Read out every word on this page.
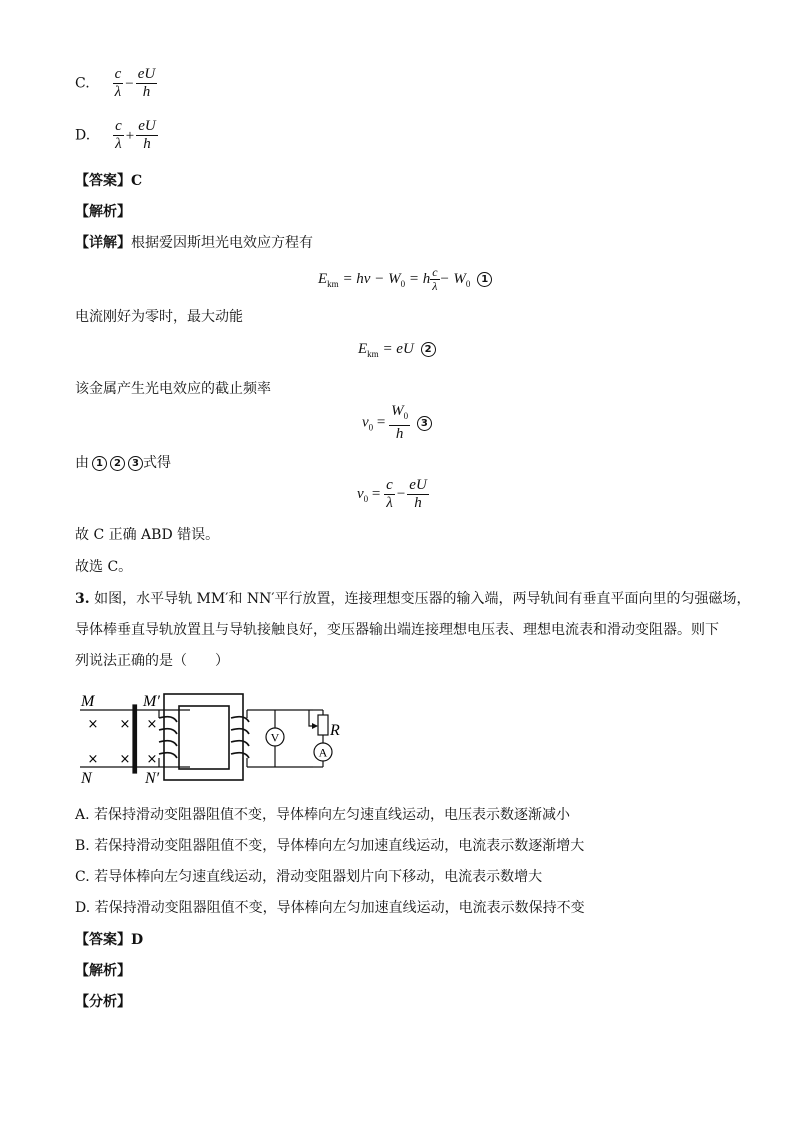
C. $\frac{c}{\lambda} - \frac{eU}{h}$
D. $\frac{c}{\lambda} + \frac{eU}{h}$
【答案】C
【解析】
【详解】根据爱因斯坦光电效应方程有
$E_{km} = h\nu - W_0 = h \frac{c}{\lambda} - W_0$ 1
电流刚好为零时，最大动能
$E_{km}$ = eU 2
该金属产生光电效应的截止频率
$\nu_0 = \frac{W_0}{h} 3$
由 1 2 3 式得
$\nu_0 = \frac{c}{\lambda} - \frac{eU}{h}$
故 C 正确 ABD 错误。
故选 C。
3. 如图，水平导轨 MM′和 NN′平行放置，连接理想变压器的输入端，两导轨间有垂直平面向里的匀强磁场，
导体棒垂直导轨放置且与导轨接触良好，变压器输出端连接理想电压表、理想电流表和滑动变阻器。则下
列说法正确的是（　　）
V
A
R
M	M′
N	N′
× × ×
× × ×
A. 若保持滑动变阻器阻值不变，导体棒向左匀速直线运动，电压表示数逐渐减小
B. 若保持滑动变阻器阻值不变，导体棒向左匀加速直线运动，电流表示数逐渐增大
C. 若导体棒向左匀速直线运动，滑动变阻器划片向下移动，电流表示数增大
D. 若保持滑动变阻器阻值不变，导体棒向左匀加速直线运动，电流表示数保持不变
【答案】D
【解析】
【分析】
